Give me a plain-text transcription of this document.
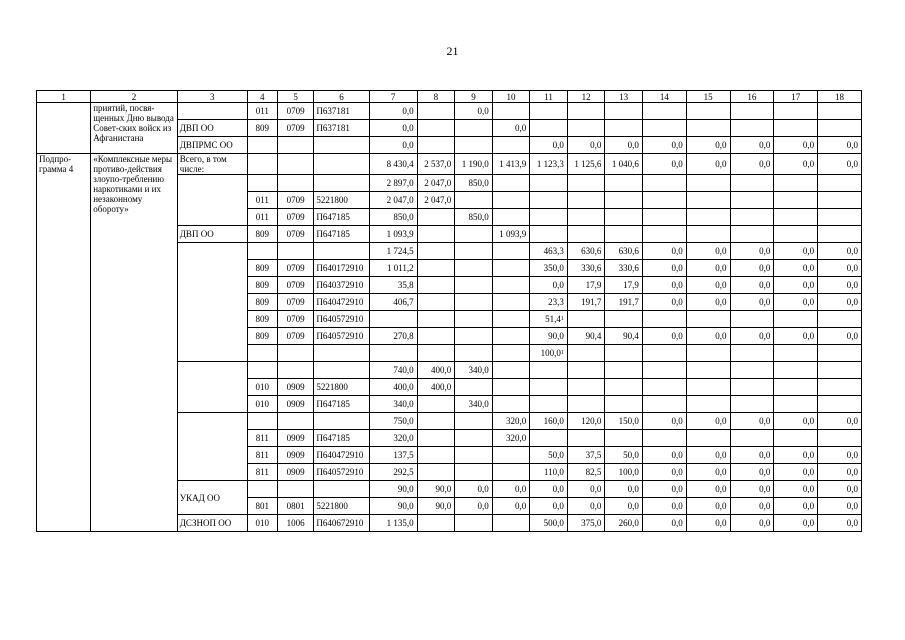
21
1	2	3	4	5	6	7	8	9	10	11	12	13	14	15	16	17	18
	приятий, посвя-щенных Дню вывода Совет-ских войск из Афганистана		011	0709	П637181	0,0		0,0									
		ДВП ОО	809	0709	П637181	0,0			0,0								
		ДВПРМС ОО				0,0				0,0	0,0	0,0	0,0	0,0	0,0	0,0	0,0
Подпро-грамма 4	«Комплексные меры противо-действия злоупо-треблению наркотиками и их незаконному обороту»	Всего, в том числе:				8 430,4	2 537,0	1 190,0	1 413,9	1 123,3	1 125,6	1 040,6	0,0	0,0	0,0	0,0	0,0
						2 897,0	2 047,0	850,0									
			011	0709	5221800	2 047,0	2 047,0										
			011	0709	П647185	850,0		850,0									
		ДВП ОО	809	0709	П647185	1 093,9			1 093,9								
						1 724,5				463,3	630,6	630,6	0,0	0,0	0,0	0,0	0,0
			809	0709	П640172910	1 011,2				350,0	330,6	330,6	0,0	0,0	0,0	0,0	0,0
			809	0709	П640372910	35,8				0,0	17,9	17,9	0,0	0,0	0,0	0,0	0,0
			809	0709	П640472910	406,7				23,3	191,7	191,7	0,0	0,0	0,0	0,0	0,0
			809	0709	П640572910					51,4$^1$							
			809	0709	П640572910	270,8				90,0	90,4	90,4	0,0	0,0	0,0	0,0	0,0
										100,0$^1$							
						740,0	400,0	340,0									
			010	0909	5221800	400,0	400,0										
			010	0909	П647185	340,0		340,0									
						750,0			320,0	160,0	120,0	150,0	0,0	0,0	0,0	0,0	0,0
			811	0909	П647185	320,0			320,0								
			811	0909	П640472910	137,5				50,0	37,5	50,0	0,0	0,0	0,0	0,0	0,0
			811	0909	П640572910	292,5				110,0	82,5	100,0	0,0	0,0	0,0	0,0	0,0
		УКАД ОО				90,0	90,0	0,0	0,0	0,0	0,0	0,0	0,0	0,0	0,0	0,0	0,0
			801	0801	5221800	90,0	90,0	0,0	0,0	0,0	0,0	0,0	0,0	0,0	0,0	0,0	0,0
		ДСЗНОП ОО	010	1006	П640672910	1 135,0				500,0	375,0	260,0	0,0	0,0	0,0	0,0	0,0
